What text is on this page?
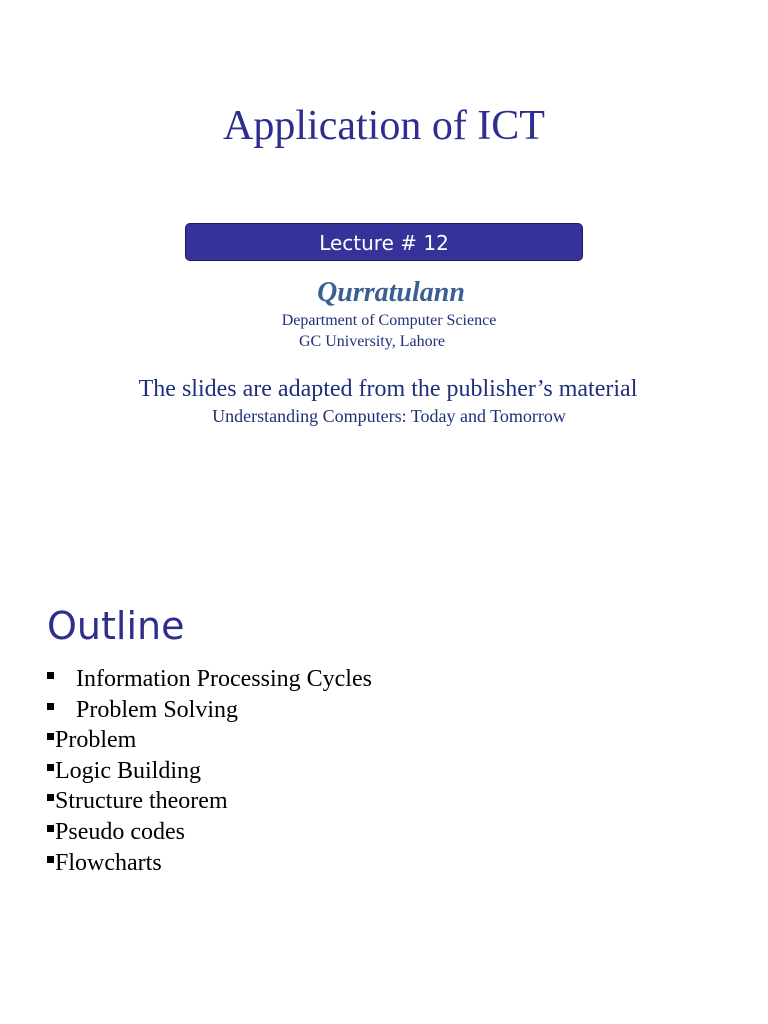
Application of ICT
Lecture # 12
Qurratulann
Department of Computer Science
GC University, Lahore
The slides are adapted from the publisher’s material
Understanding Computers: Today and Tomorrow
Outline
Information Processing Cycles
Problem Solving
Problem
Logic Building
Structure theorem
Pseudo codes
Flowcharts
